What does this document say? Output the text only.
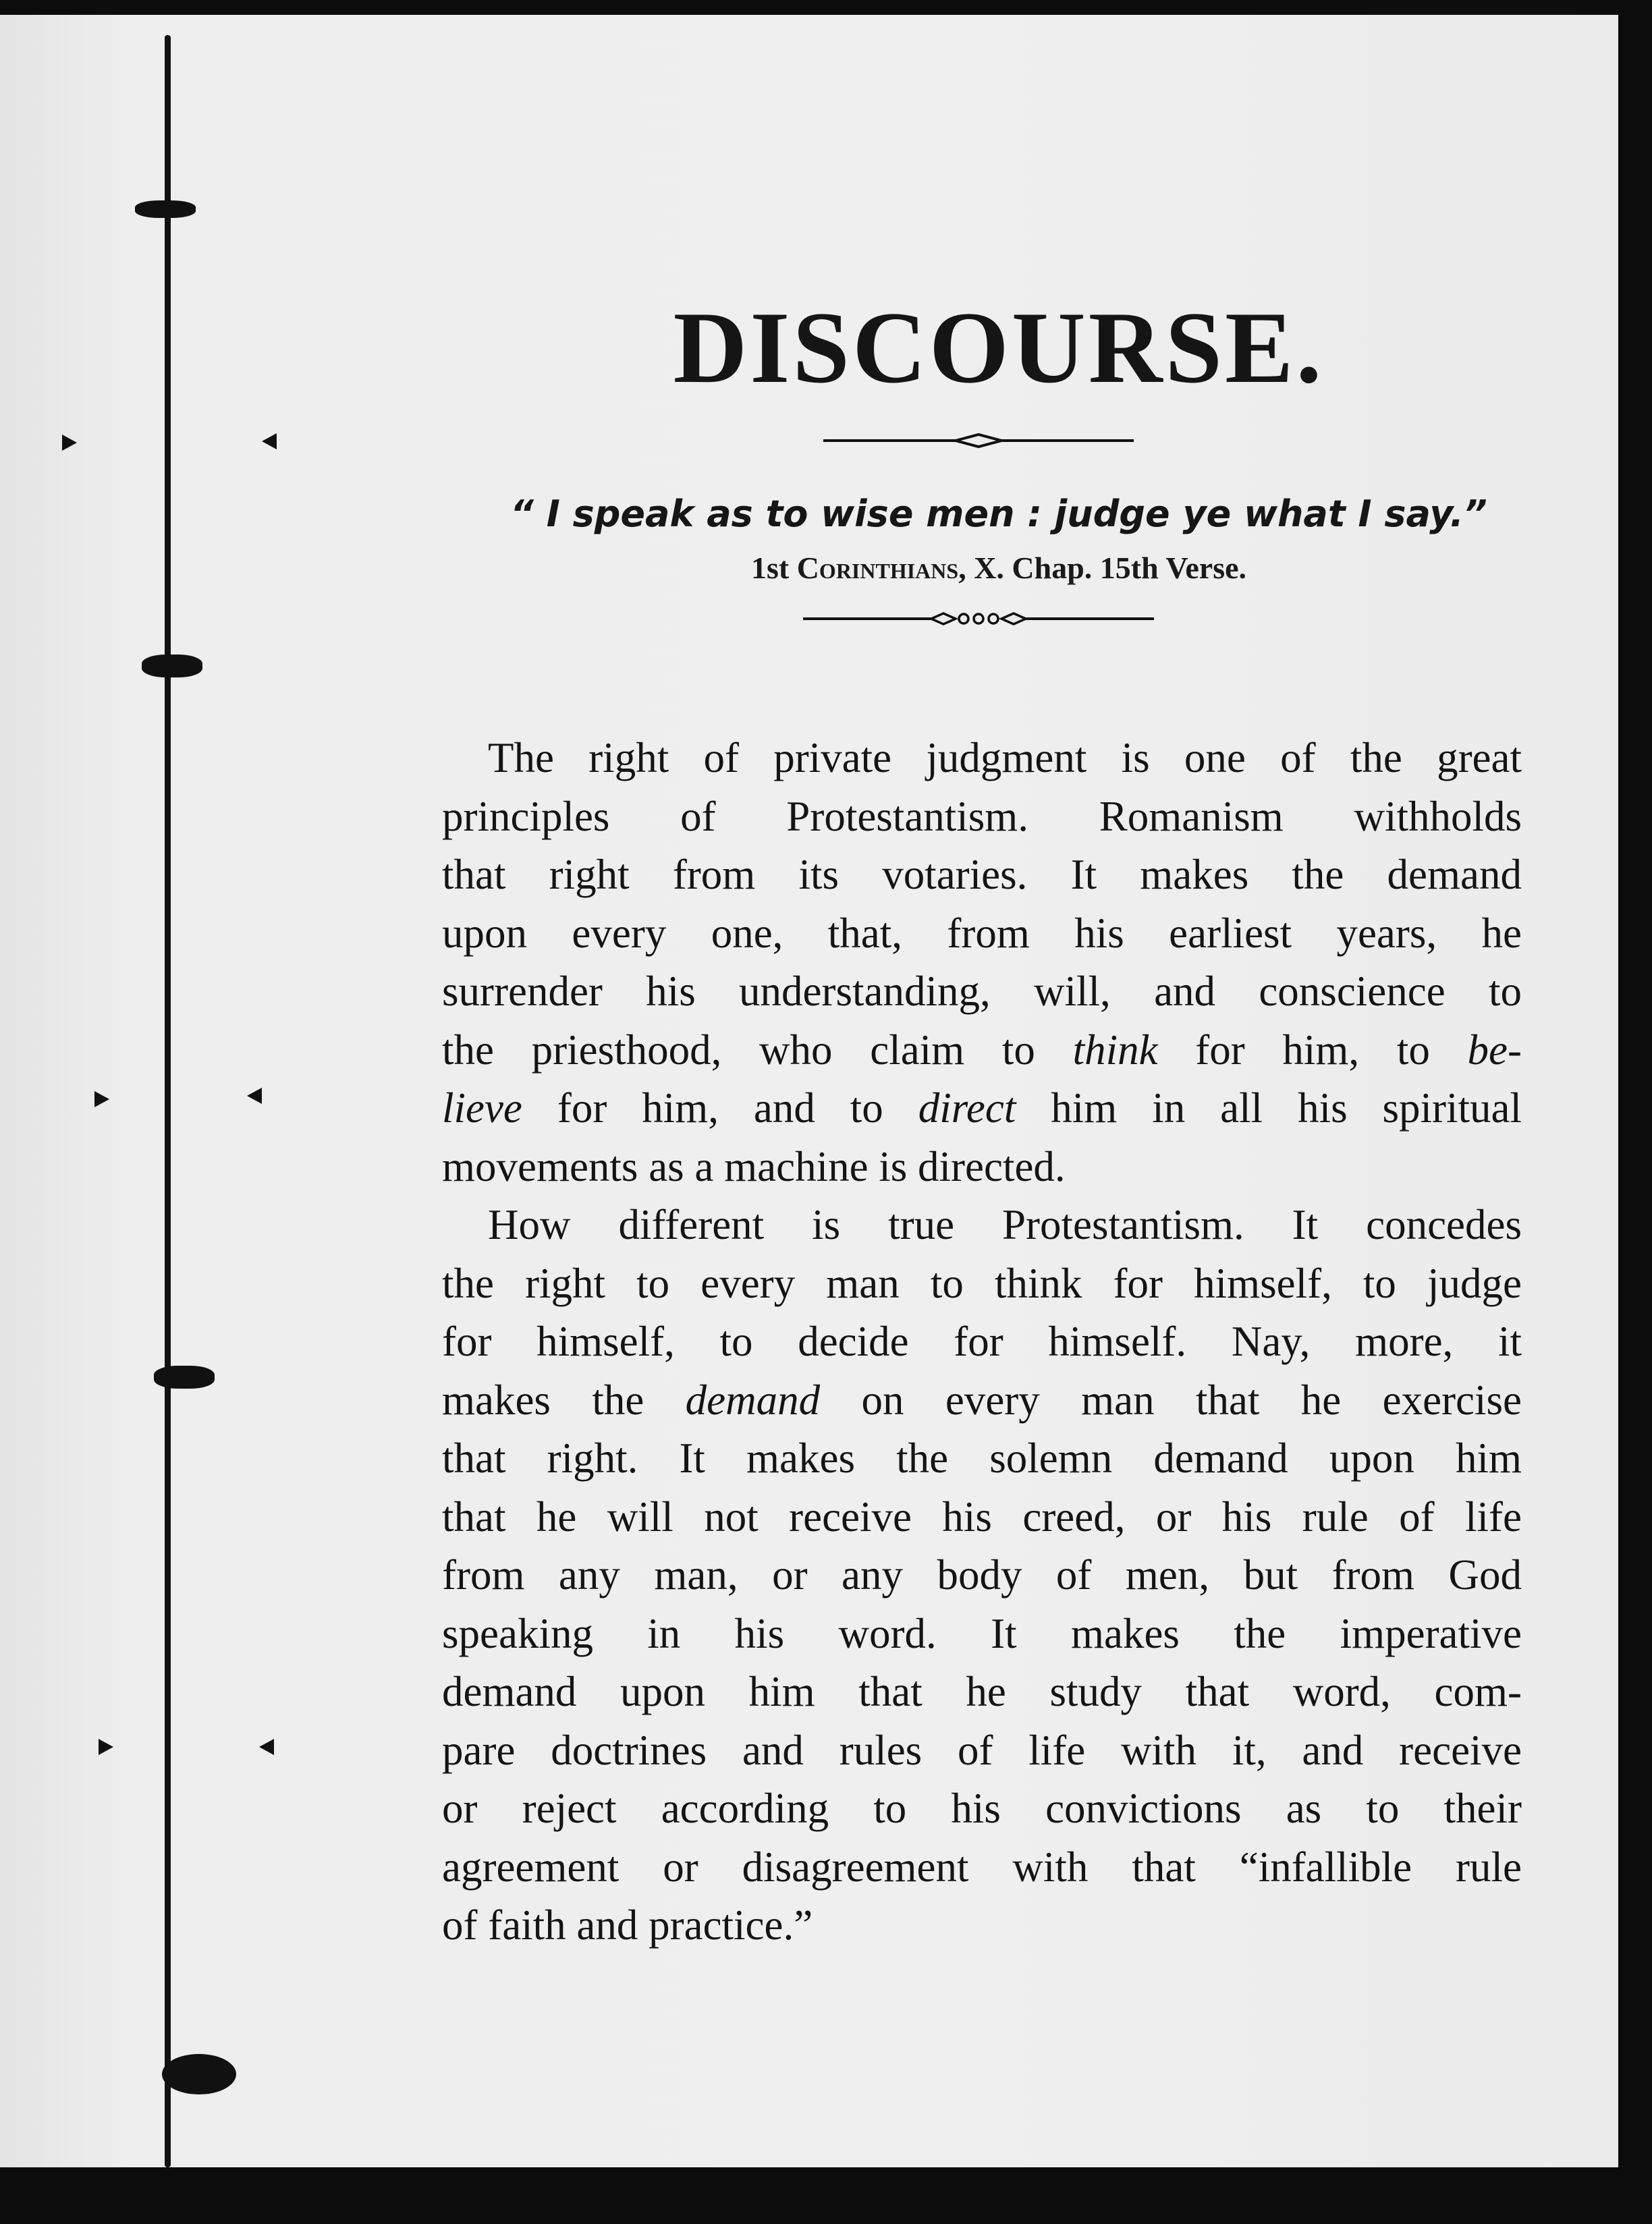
DISCOURSE.
“ I speak as to wise men : judge ye what I say.”
1st Corinthians, X. Chap. 15th Verse.
The right of private judgment is one of the great
principles of Protestantism. Romanism withholds
that right from its votaries. It makes the demand
upon every one, that, from his earliest years, he
surrender his understanding, will, and conscience to
the priesthood, who claim to think for him, to be-
lieve for him, and to direct him in all his spiritual
movements as a machine is directed.
How different is true Protestantism. It concedes
the right to every man to think for himself, to judge
for himself, to decide for himself. Nay, more, it
makes the demand on every man that he exercise
that right. It makes the solemn demand upon him
that he will not receive his creed, or his rule of life
from any man, or any body of men, but from God
speaking in his word. It makes the imperative
demand upon him that he study that word, com-
pare doctrines and rules of life with it, and receive
or reject according to his convictions as to their
agreement or disagreement with that “infallible rule
of faith and practice.”
